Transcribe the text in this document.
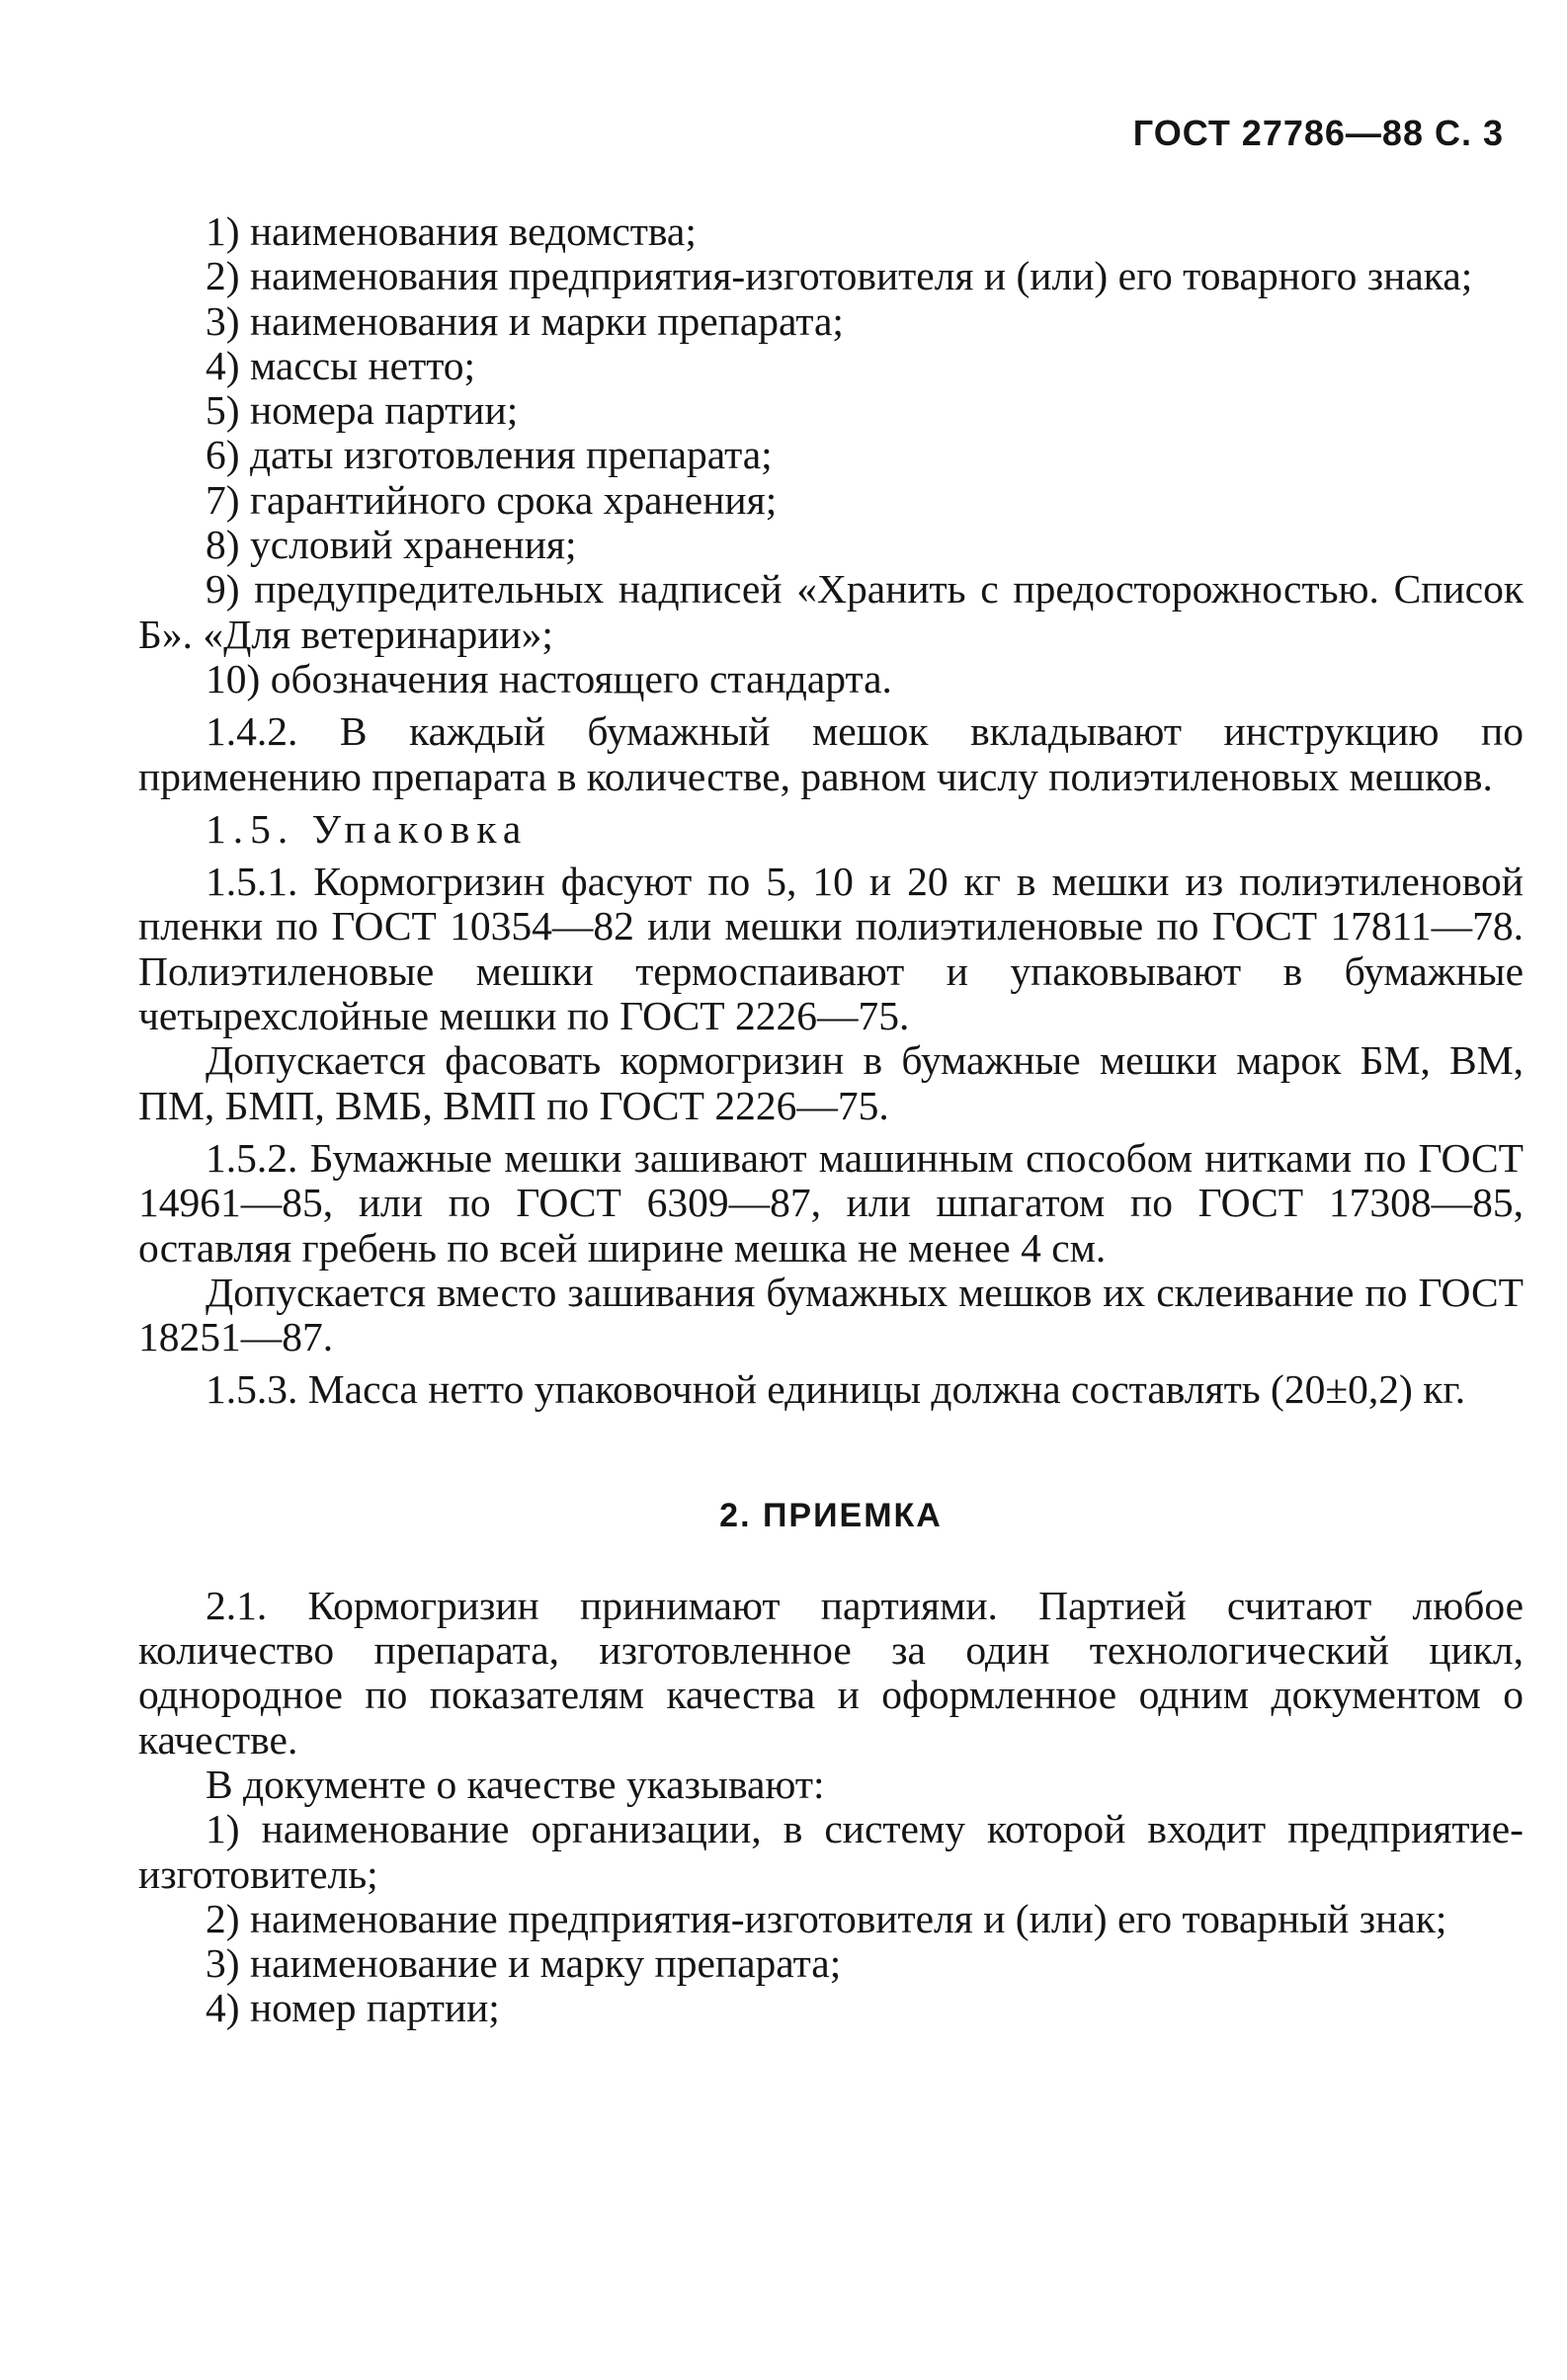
ГОСТ 27786—88 С. 3

1) наименования ведомства;

2) наименования предприятия-изготовителя и (или) его товарного знака;

3) наименования и марки препарата;

4) массы нетто;

5) номера партии;

6) даты изготовления препарата;

7) гарантийного срока хранения;

8) условий хранения;

9) предупредительных надписей «Хранить с предосторожностью. Список Б». «Для ветеринарии»;

10) обозначения настоящего стандарта.

1.4.2. В каждый бумажный мешок вкладывают инструкцию по применению препарата в количестве, равном числу полиэтиленовых мешков.

1.5. Упаковка

1.5.1. Кормогризин фасуют по 5, 10 и 20 кг в мешки из полиэтиленовой пленки по ГОСТ 10354—82 или мешки полиэтиленовые по ГОСТ 17811—78. Полиэтиленовые мешки термоспаивают и упаковывают в бумажные четырехслойные мешки по ГОСТ 2226—75.

Допускается фасовать кормогризин в бумажные мешки марок БМ, ВМ, ПМ, БМП, ВМБ, ВМП по ГОСТ 2226—75.

1.5.2. Бумажные мешки зашивают машинным способом нитками по ГОСТ 14961—85, или по ГОСТ 6309—87, или шпагатом по ГОСТ 17308—85, оставляя гребень по всей ширине мешка не менее 4 см.

Допускается вместо зашивания бумажных мешков их склеивание по ГОСТ 18251—87.

1.5.3. Масса нетто упаковочной единицы должна составлять (20±0,2) кг.

2. ПРИЕМКА

2.1. Кормогризин принимают партиями. Партией считают любое количество препарата, изготовленное за один технологический цикл, однородное по показателям качества и оформленное одним документом о качестве.

В документе о качестве указывают:

1) наименование организации, в систему которой входит предприятие-изготовитель;

2) наименование предприятия-изготовителя и (или) его товарный знак;

3) наименование и марку препарата;

4) номер партии;
